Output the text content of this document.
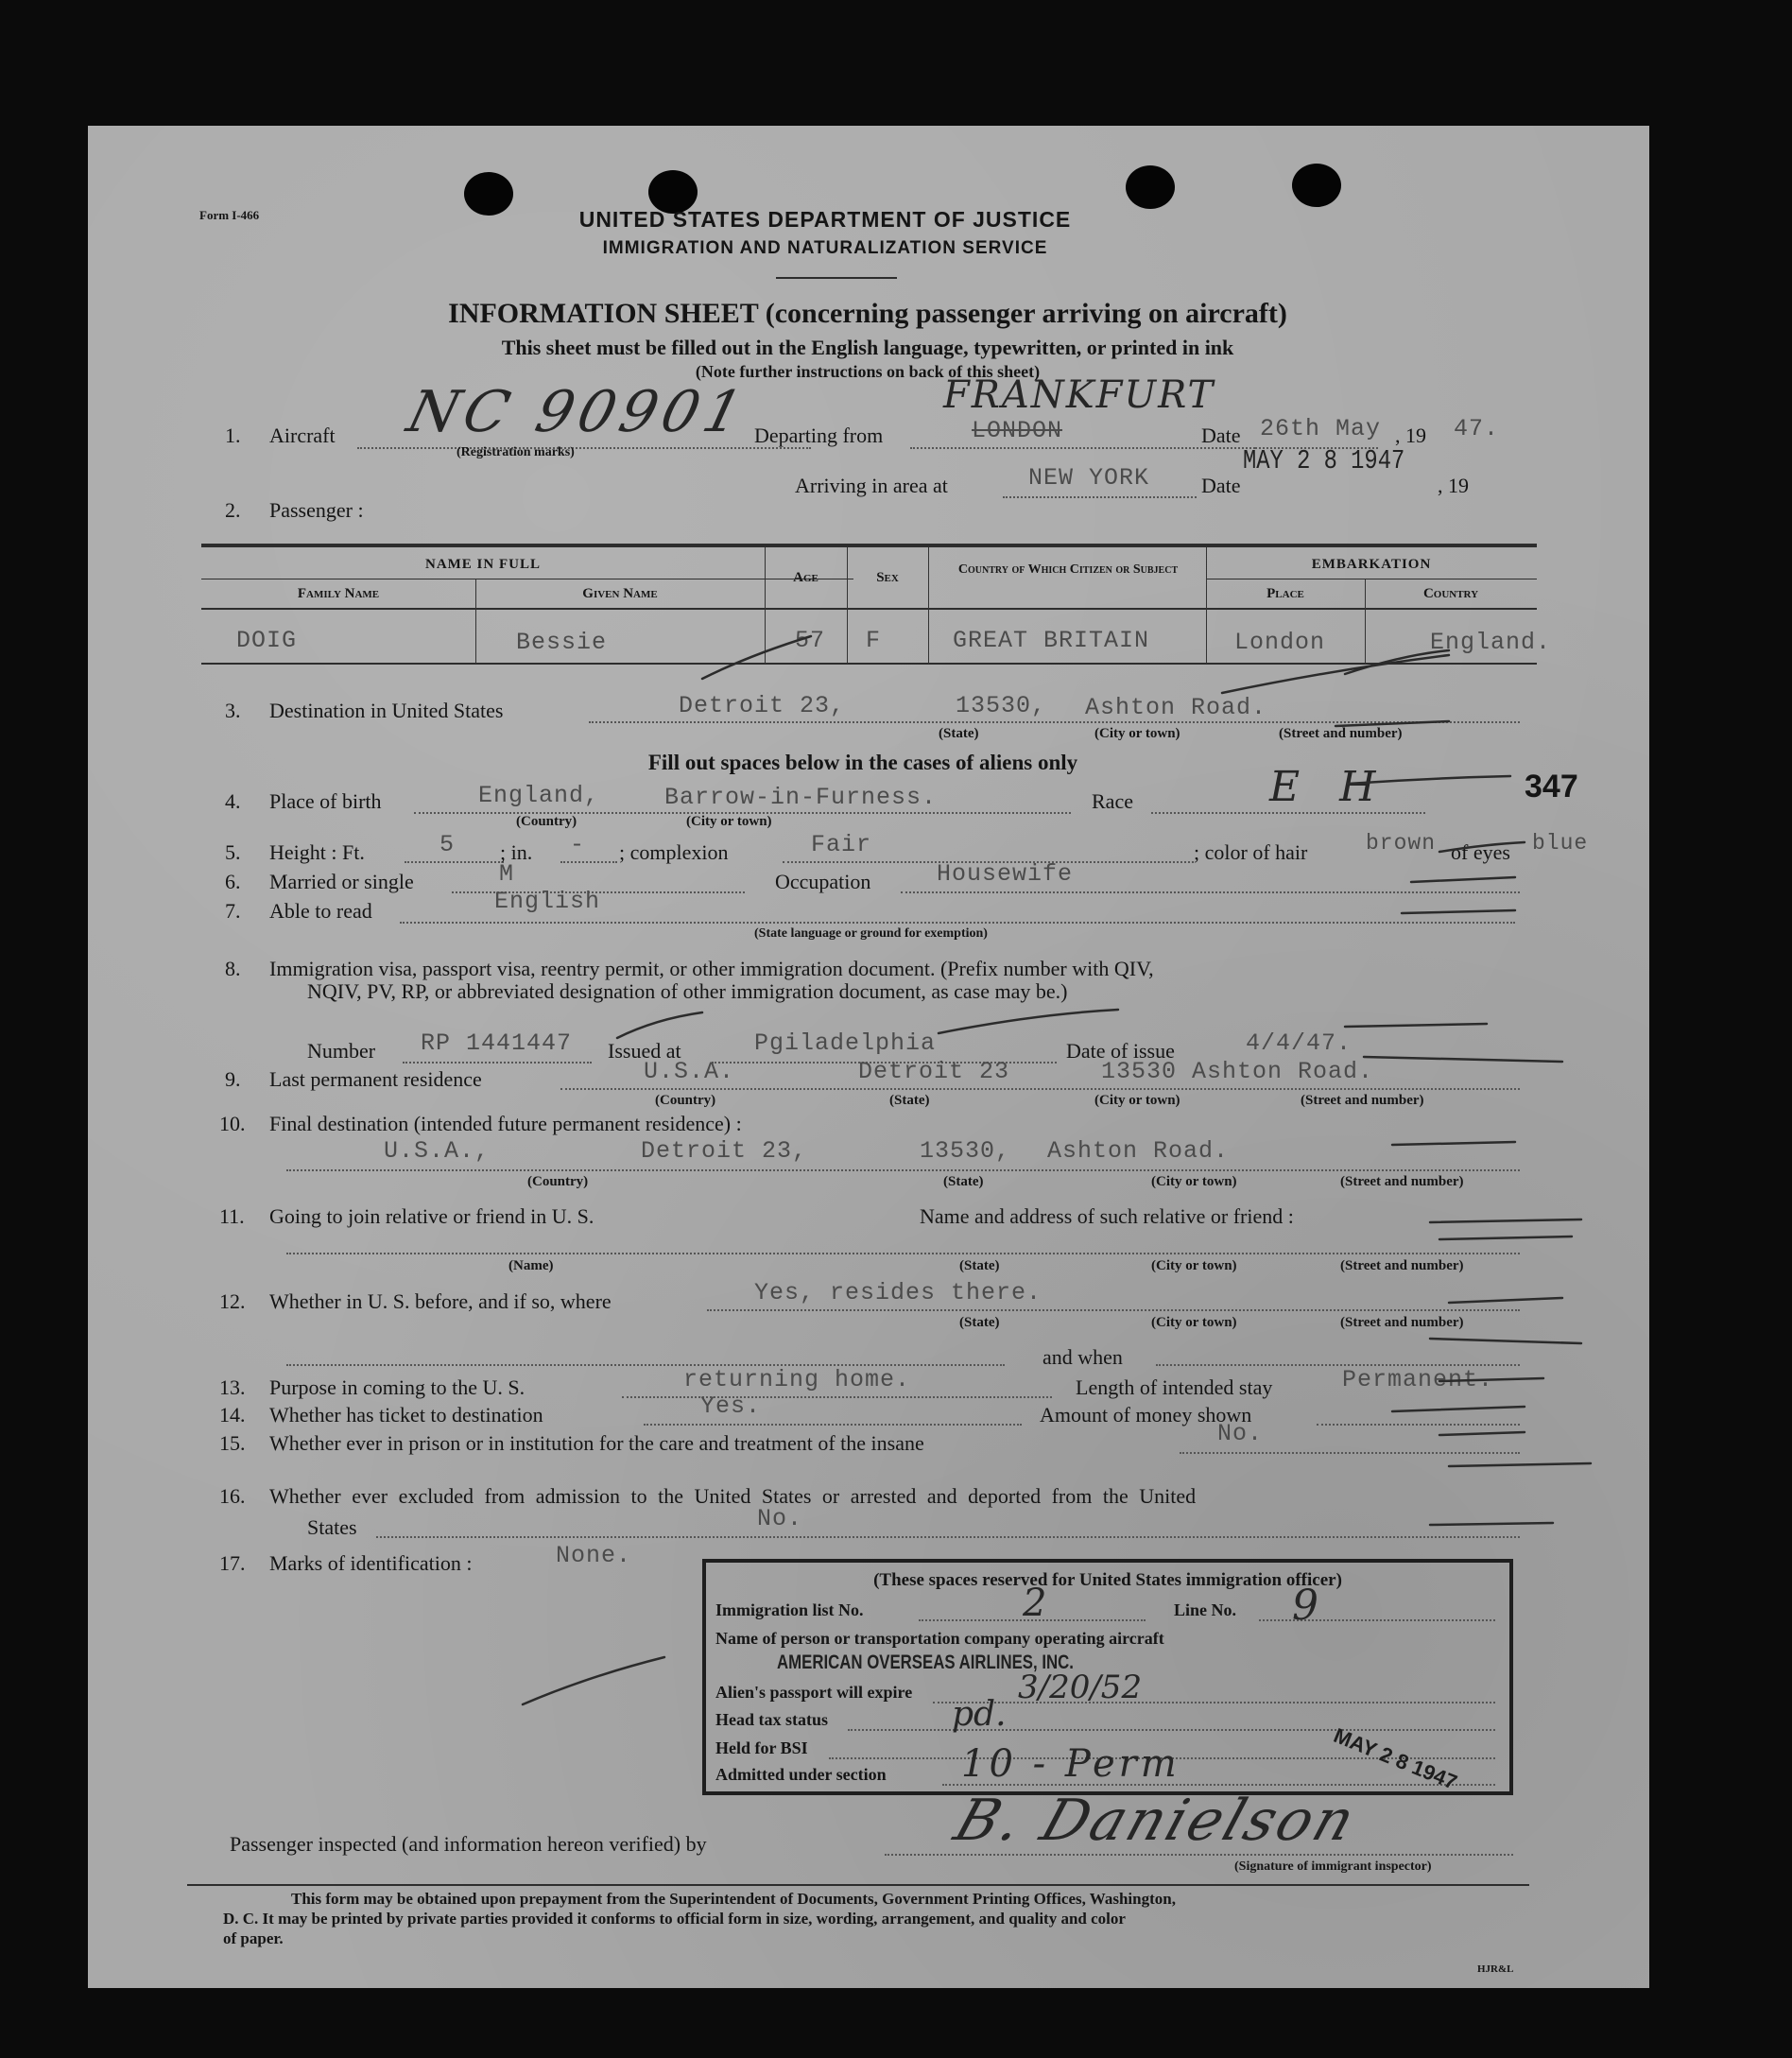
Form I-466	UNITED STATES DEPARTMENT OF JUSTICE
IMMIGRATION AND NATURALIZATION SERVICE
INFORMATION SHEET (concerning passenger arriving on aircraft)
This sheet must be filled out in the English language, typewritten, or printed in ink
(Note further instructions on back of this sheet)
1. Aircraft NC 90901
(Registration marks)
Departing from	LONDON
FRANKFURT
Date 26th May , 19 47.
Arriving in area at	NEW YORK Date
MAY 2 8 1947
, 19
2. Passenger :
NAME IN FULL
Family Name	Given Name
Age	Sex
Country of Which Citizen or Subject	EMBARKATION
Place	Country
DOIG	Bessie	57 F	GREAT BRITAIN	London	England.
3. Destination in United States	Detroit 23,	13530, Ashton Road.
(State)	(City or town)	(Street and number)
Fill out spaces below in the cases of aliens only
4. Place of birth	England,	Barrow-in-Furness.
(Country)	(City or town)
Race	E H	347
5. Height : Ft.	5 ; in. - ; complexion	Fair	; color of hair	brown of eyes blue
6. Married or single	M	Occupation	Housewife
7. Able to read	English
(State language or ground for exemption)
8. Immigration visa, passport visa, reentry permit, or other immigration document. (Prefix number with QIV,
NQIV, PV, RP, or abbreviated designation of other immigration document, as case may be.)
Number RP 1441447 Issued at	Pgiladelphia	Date of issue	4/4/47.
9. Last permanent residence	U.S.A.	Detroit 23	13530 Ashton Road.
(Country)	(State)	(City or town)	(Street and number)
10. Final destination (intended future permanent residence) :
U.S.A.,	Detroit 23,	13530, Ashton Road.
(Country)	(State)	(City or town)	(Street and number)
11. Going to join relative or friend in U. S.	Name and address of such relative or friend :
(Name)	(State)	(City or town)	(Street and number)
12. Whether in U. S. before, and if so, where	Yes, resides there.
(State)	(City or town)	(Street and number)
and when
13. Purpose in coming to the U. S.	returning home.	Length of intended stay	Permanent.
14. Whether has ticket to destination	Yes.	Amount of money shown
15. Whether ever in prison or in institution for the care and treatment of the insane	No.
16. Whether ever excluded from admission to the United States or arrested and deported from the United
States	No.
17. Marks of identification :	None.
(These spaces reserved for United States immigration officer)
Immigration list No.	2	Line No. 9
Name of person or transportation company operating aircraft
AMERICAN OVERSEAS AIRLINES, INC.
Alien's passport will expire	3/20/52
Head tax status	pd.
Held for BSI
Admitted under section 10 - Perm	MAY 2 8 1947
Passenger inspected (and information hereon verified) by	B. Danielson
(Signature of immigrant inspector)
This form may be obtained upon prepayment from the Superintendent of Documents, Government Printing Offices, Washington,
D. C. It may be printed by private parties provided it conforms to official form in size, wording, arrangement, and quality and color
of paper.
HJR&L
